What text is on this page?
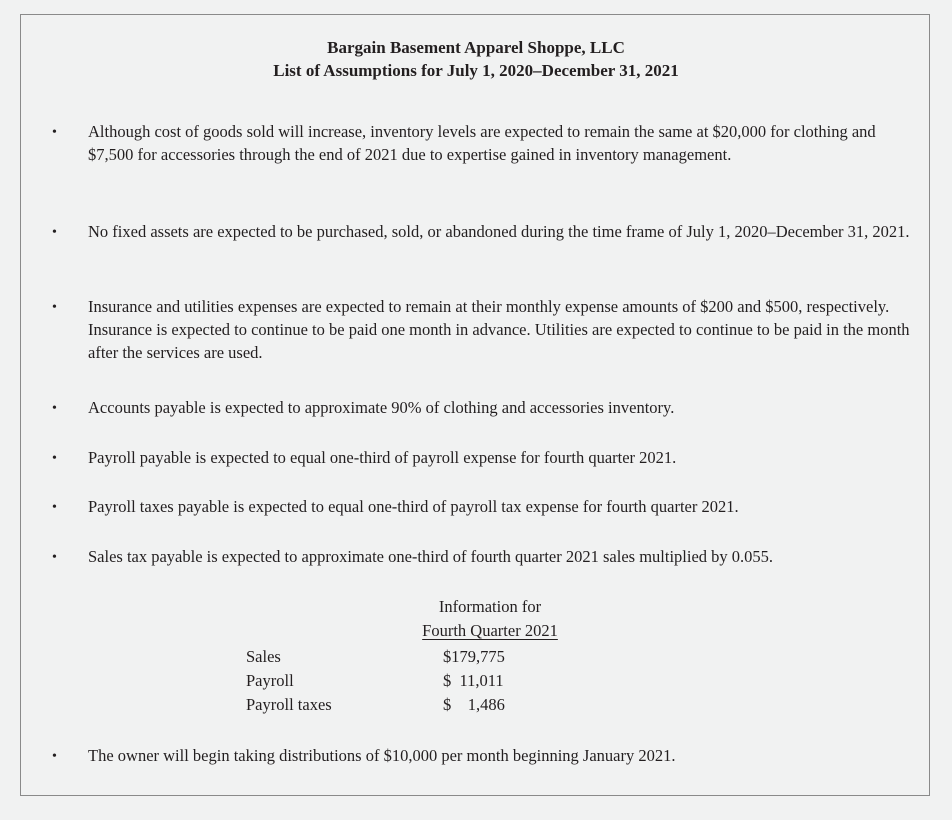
Bargain Basement Apparel Shoppe, LLC
List of Assumptions for July 1, 2020–December 31, 2021
• Although cost of goods sold will increase, inventory levels are expected to remain the same at $20,000 for clothing and $7,500 for accessories through the end of 2021 due to expertise gained in inventory management.
• No fixed assets are expected to be purchased, sold, or abandoned during the time frame of July 1, 2020–December 31, 2021.
• Insurance and utilities expenses are expected to remain at their monthly expense amounts of $200 and $500, respectively. Insurance is expected to continue to be paid one month in advance. Utilities are expected to continue to be paid in the month after the services are used.
• Accounts payable is expected to approximate 90% of clothing and accessories inventory.
• Payroll payable is expected to equal one-third of payroll expense for fourth quarter 2021.
• Payroll taxes payable is expected to equal one-third of payroll tax expense for fourth quarter 2021.
• Sales tax payable is expected to approximate one-third of fourth quarter 2021 sales multiplied by 0.055.
Information for
Fourth Quarter 2021
Sales	$179,775
Payroll	$  11,011
Payroll taxes	$    1,486
• The owner will begin taking distributions of $10,000 per month beginning January 2021.
